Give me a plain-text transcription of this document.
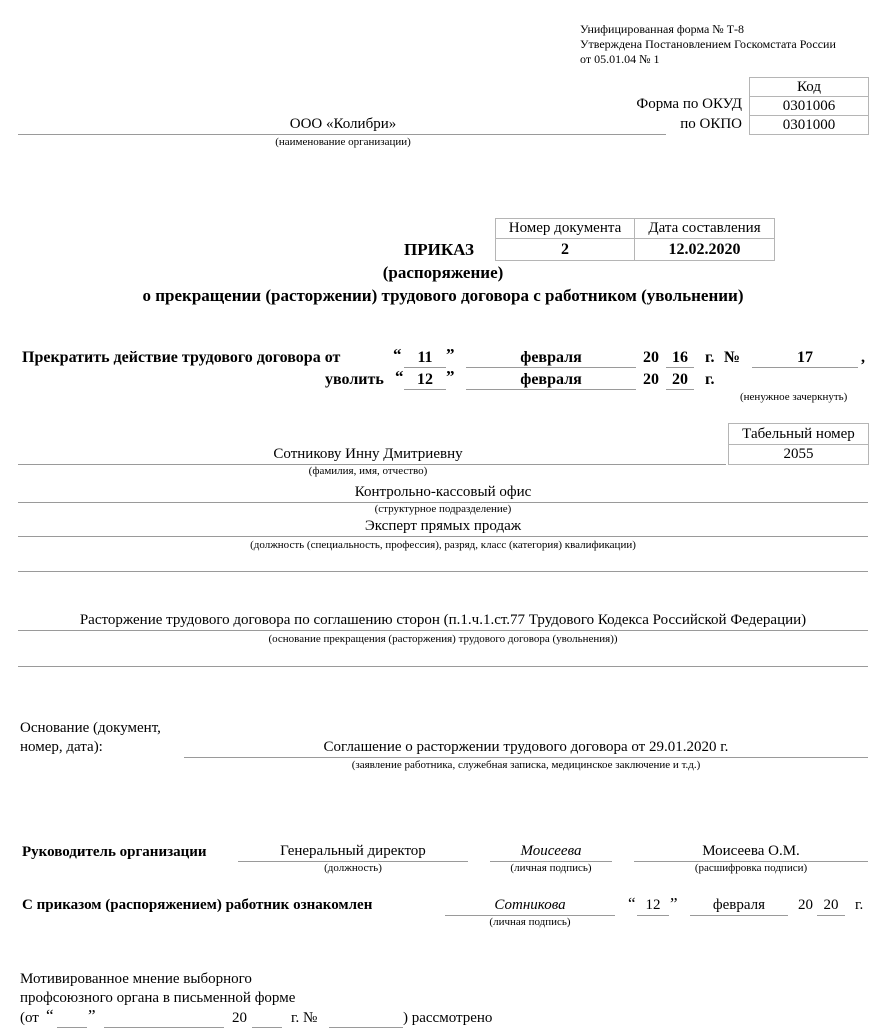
Унифицированная форма № Т-8
Утверждена Постановлением Госкомстата России
от 05.01.04 № 1
Код
Форма по ОКУД	0301006
по ОКПО	0301000
ООО «Колибри»
(наименование организации)
Номер документа	Дата составления
2	12.02.2020
ПРИКАЗ
(распоряжение)
о прекращении (расторжении) трудового договора с работником (увольнении)
Прекратить действие трудового договора от	“ 11 ”	февраля	20 16	г. №	17	,
уволить “ 12 ”	февраля	20 20	г.
(ненужное зачеркнуть)
Табельный номер
2055
Сотникову Инну Дмитриевну
(фамилия, имя, отчество)
Контрольно-кассовый офис
(структурное подразделение)
Эксперт прямых продаж
(должность (специальность, профессия), разряд, класс (категория) квалификации)
Расторжение трудового договора по соглашению сторон (п.1.ч.1.ст.77 Трудового Кодекса Российской Федерации)
(основание прекращения (расторжения) трудового договора (увольнения))
Основание (документ,
номер, дата):	Соглашение о расторжении трудового договора от 29.01.2020 г.
(заявление работника, служебная записка, медицинское заключение и т.д.)
Руководитель организации	Генеральный директор
(должность)
Моисеева
(личная подпись)
Моисеева О.М.
(расшифровка подписи)
С приказом (распоряжением) работник ознакомлен	Сотникова
(личная подпись)
“ 12 ”	февраля	20 20	г.
Мотивированное мнение выборного
профсоюзного органа в письменной форме
(от “ ”	20	г. №	) рассмотрено
